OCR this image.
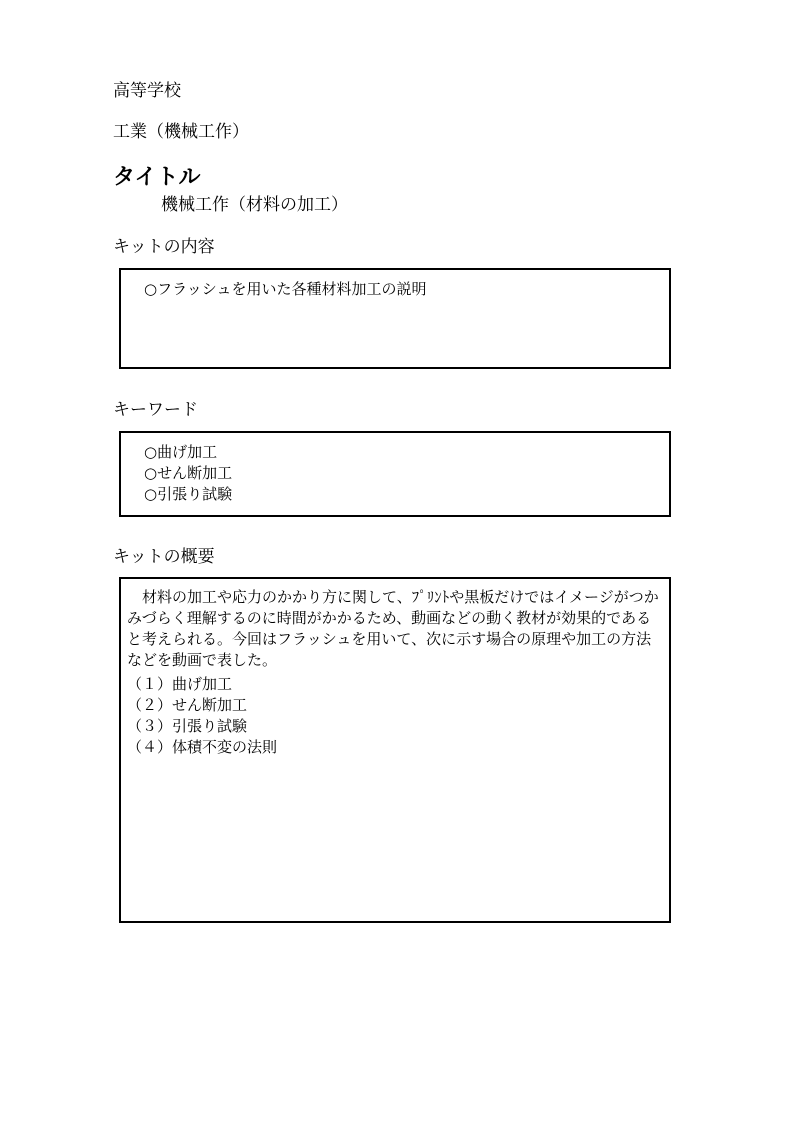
高等学校
工業（機械工作）
タイトル
機械工作（材料の加工）
キットの内容
○フラッシュを用いた各種材料加工の説明
キーワード
○曲げ加工
○せん断加工
○引張り試験
キットの概要

材料の加工や応力のかかり方に関して、ﾌﾟﾘﾝﾄや黒板だけではイメージがつかみづらく理解するのに時間がかかるため、動画などの動く教材が効果的であると考えられる。今回はフラッシュを用いて、次に示す場合の原理や加工の方法などを動画で表した。

（１）曲げ加工
（２）せん断加工
（３）引張り試験
（４）体積不変の法則
